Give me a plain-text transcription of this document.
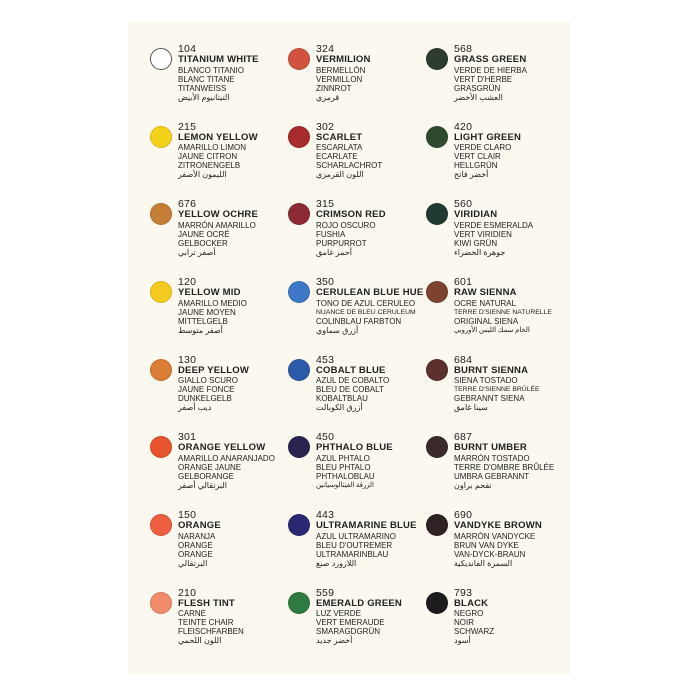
104
TITANIUM WHITE
BLANCO TITANIO
BLANC TITANE
TITANWEISS
التيتانيوم الأبيض
324
VERMILION
BERMELLÓN
VERMILLON
ZINNROT
قرمزي
568
GRASS GREEN
VERDE DE HIERBA
VERT D'HERBE
GRASGRÜN
العشب الأخضر
215
LEMON YELLOW
AMARILLO LIMON
JAUNE CITRON
ZITRONENGELB
الليمون الأصفر
302
SCARLET
ESCARLATA
ECARLATE
SCHARLACHROT
اللون القرمزي
420
LIGHT GREEN
VERDE CLARO
VERT CLAIR
HELLGRÜN
أخضر فاتح
676
YELLOW OCHRE
MARRÓN AMARILLO
JAUNE OCRÉ
GELBOCKER
أصفر ترابي
315
CRIMSON RED
ROJO OSCURO
FUSHIA
PURPURROT
أحمر غامق
560
VIRIDIAN
VERDE ESMERALDA
VERT VIRIDIEN
KIWI GRÜN
جوهرة الخضراء
120
YELLOW MID
AMARILLO MEDIO
JAUNE MOYEN
MITTELGELB
أصفر متوسط
350
CERULEAN BLUE HUE
TONO DE AZUL CERULEO
NUANCE DE BLEU CERULEUM
COLINBLAU FARBTON
أزرق سماوي
601
RAW SIENNA
OCRE NATURAL
TERRE D'SIENNE NATURELLE
ORIGINAL SIENA
الخام سمك الليس الأوروبي
130
DEEP YELLOW
GIALLO SCURO
JAUNE FONCE
DUNKELGELB
ديب أصفر
453
COBALT BLUE
AZUL DE COBALTO
BLEU DE COBALT
KOBALTBLAU
أزرق الكوبالت
684
BURNT SIENNA
SIENA TOSTADO
TERRE D'SIENNE BRÛLÉE
GEBRANNT SIENA
سينا غامق
301
ORANGE YELLOW
AMARILLO ANARANJADO
ORANGE JAUNE
GELBORANGE
البرتقالي أصفر
450
PHTHALO BLUE
AZUL PHTALO
BLEU PHTALO
PHTHALOBLAU
الزرقة الفيثالوسيانين
687
BURNT UMBER
MARRÓN TOSTADO
TERRE D'OMBRE BRÛLÉE
UMBRA GEBRANNT
تفحم براون
150
ORANGE
NARANJA
ORANGE
ORANGE
البرتقالي
443
ULTRAMARINE BLUE
AZUL ULTRAMARINO
BLEU D'OUTREMER
ULTRAMARINBLAU
اللازورد صبغ
690
VANDYKE BROWN
MARRÓN VANDYCKE
BRUN VAN DYKE
VAN-DYCK-BRAUN
السمرة الفانديكية
210
FLESH TINT
CARNE
TEINTE CHAIR
FLEISCHFARBEN
اللون اللحمي
559
EMERALD GREEN
LUZ VERDE
VERT EMERAUDE
SMARAGDGRÜN
أخضر جديد
793
BLACK
NEGRO
NOIR
SCHWARZ
أسود
